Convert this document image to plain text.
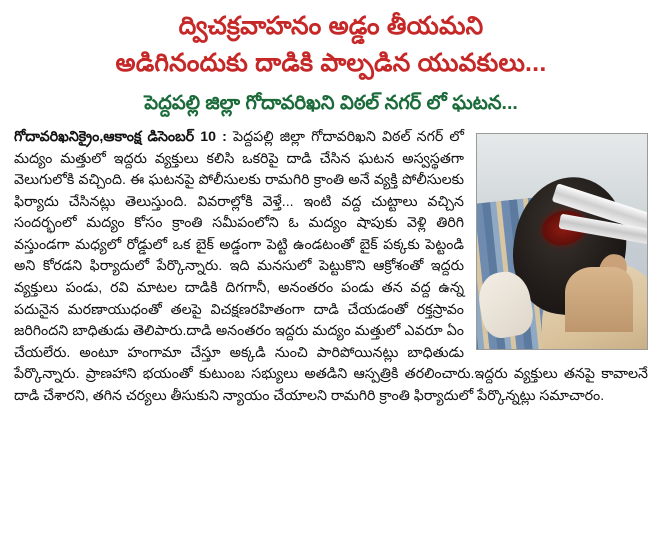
ద్విచక్ర‌వాహనం అడ్డం తీయమని
అడిగినందుకు దాడికి పాల్ప‌డిన యువకులు...
పెద్దపల్లి జిల్లా గోదావరిఖ‌ని విఠ‌ల్ నగ‌ర్ లో ఘ‌ట‌న...

గోదావరిఖనిక్రైం,ఆకాంక్ష డిసెంబర్ 10 : పెద్దపల్లి జిల్లా గోదావరిఖని విఠ‌ల్ నగ‌ర్ లో మద్యం మత్తులో ఇద్దరు వ్యక్తులు కలిసి ఒకరిపై దాడి చేసిన ఘటన అస్వ‌స్థ‌త‌గా వెలుగులోకి వచ్చింది. ఈ ఘటనపై పోలీసులకు రామగిరి క్రాంతి అనే వ్యక్తి పోలీసులకు ఫిర్యాదు చేసినట్లు తెలుస్తుంది. వివరాల్లోకి వెళ్తే... ఇంటి వద్ద చుట్టాలు వచ్చిన సందర్భంలో మద్యం కోసం క్రాంతి సమీపంలోని ఓ మద్యం షాపుకు వెళ్లి తిరిగి వస్తుండగా మధ్యలో రోడ్డులో ఒక బైక్ అడ్డంగా పెట్టి ఉండటంతో బైక్ పక్కకు పెట్టండి అని కోరడని ఫిర్యాదులో పేర్కొన్నారు. ఇది మనసులో పెట్టుకొని ఆక్రోశంతో ఇద్దరు వ్యక్తులు పండు, రవి మాటల దాడికి దిగగానీ, అనంతరం పండు తన వద్ద ఉన్న పదునైన మరణాయుధంతో తలపై విచక్షణరహితంగా దాడి చేయడంతో రక్తస్రావం జరిగిందని బాధితుడు తెలిపారు.దాడి అనంతరం ఇద్దరు మద్యం మత్తులో ఎవరూ ఏం చేయలేరు. అంటూ హంగామా చేస్తూ అక్కడి నుంచి పారిపోయినట్లు బాధితుడు పేర్కొన్నారు. ప్రాణహాని భయంతో కుటుంబ సభ్యులు అతడిని ఆస్పత్రికి తరలించారు.ఇద్దరు వ్యక్తులు తనపై కావాలనే దాడి చేశారని, తగిన చర్యలు తీసుకుని న్యాయం చేయాలని రామగిరి క్రాంతి ఫిర్యాదులో పేర్కొన్నట్లు సమాచారం.
